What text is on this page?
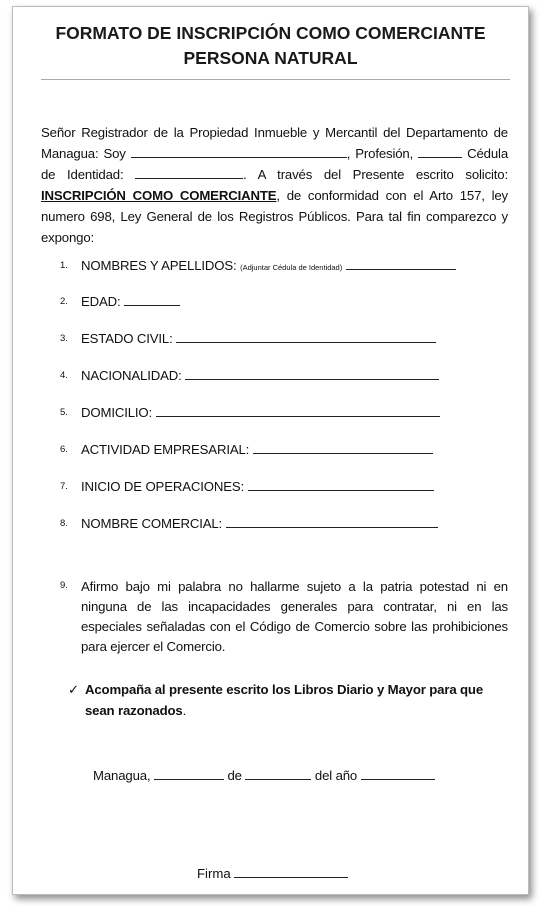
FORMATO DE INSCRIPCIÓN COMO COMERCIANTE
PERSONA NATURAL
Señor Registrador de la Propiedad Inmueble y Mercantil del Departamento de Managua: Soy	, Profesión,	Cédula de Identidad:	. A través del Presente escrito solicito: INSCRIPCIÓN COMO COMERCIANTE, de conformidad con el Arto 157, ley numero 698, Ley General de los Registros Públicos. Para tal fin comparezco y expongo:
1. NOMBRES Y APELLIDOS: (Adjuntar Cédula de Identidad)
2. EDAD:
3. ESTADO CIVIL:
4. NACIONALIDAD:
5. DOMICILIO:
6. ACTIVIDAD EMPRESARIAL:
7. INICIO DE OPERACIONES:
8. NOMBRE COMERCIAL:
9. Afirmo bajo mi palabra no hallarme sujeto a la patria potestad ni en ninguna de las incapacidades generales para contratar, ni en las especiales señaladas con el Código de Comercio sobre las prohibiciones para ejercer el Comercio.
✓ Acompaña al presente escrito los Libros Diario y Mayor para que sean razonados.
Managua,	de	del año
Firma
